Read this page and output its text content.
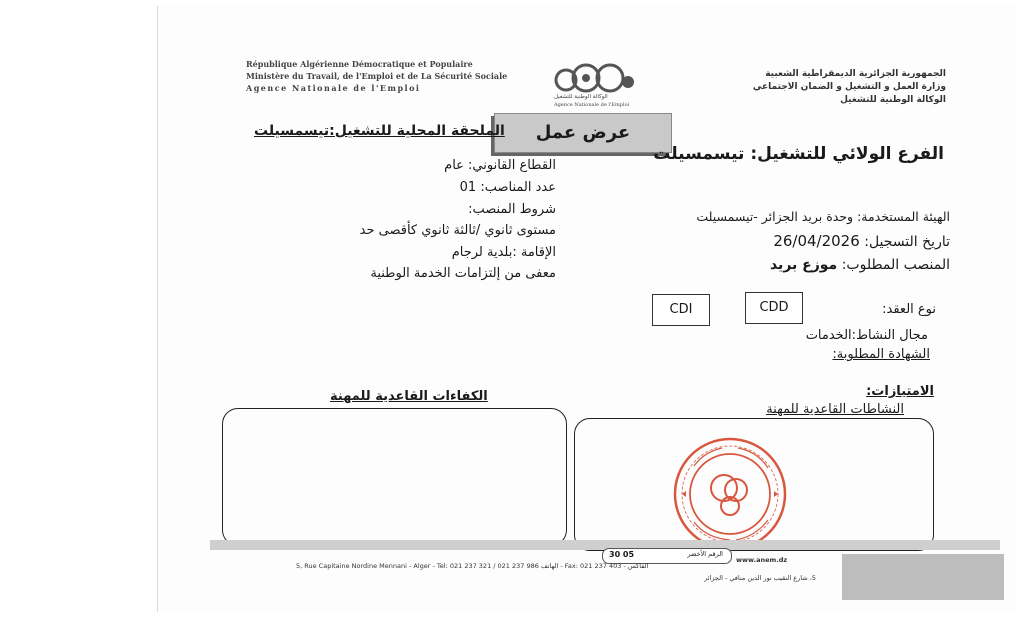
République Algérienne Démocratique et Populaire
Ministère du Travail, de l'Emploi et de La Sécurité Sociale
Agence Nationale de l'Emploi
الجمهورية الجزائرية الديمقراطية الشعبية
وزارة العمل و التشغيل و الضمان الاجتماعي
الوكالة الوطنية للتشغيل
الوكالة الوطنية للتشغيل
Agence Nationale de l'Emploi
عرض عمل
الملحقة المحلية للتشغيل:تيسمسيلت
الفرع الولائي للتشغيل: تيسمسيلت
القطاع القانوني: عام
عدد المناصب: 01
شروط المنصب:
مستوى ثانوي /ثالثة ثانوي كأقصى حد
الإقامة :بلدية لرجام
معفى من إلتزامات الخدمة الوطنية
الهيئة المستخدمة: وحدة بريد الجزائر -تيسمسيلت
تاريخ التسجيل: 26/04/2026
المنصب المطلوب: موزع بريد
نوع العقد:
CDD
CDI
مجال النشاط:الخدمات
الشهادة المطلوبة:
الامتيازات:
النشاطات القاعدية للمهنة
الكفاءات القاعدية للمهنة
30 05	الرقم الأخضر
www.anem.dz
5, Rue Capitaine Nordine Mennani - Alger - Tel: 021 237 321 / 021 237 986 الهاتف - Fax: 021 237 403 - الفاكس
5، شارع النقيب نور الدين منافي - الجزائر
